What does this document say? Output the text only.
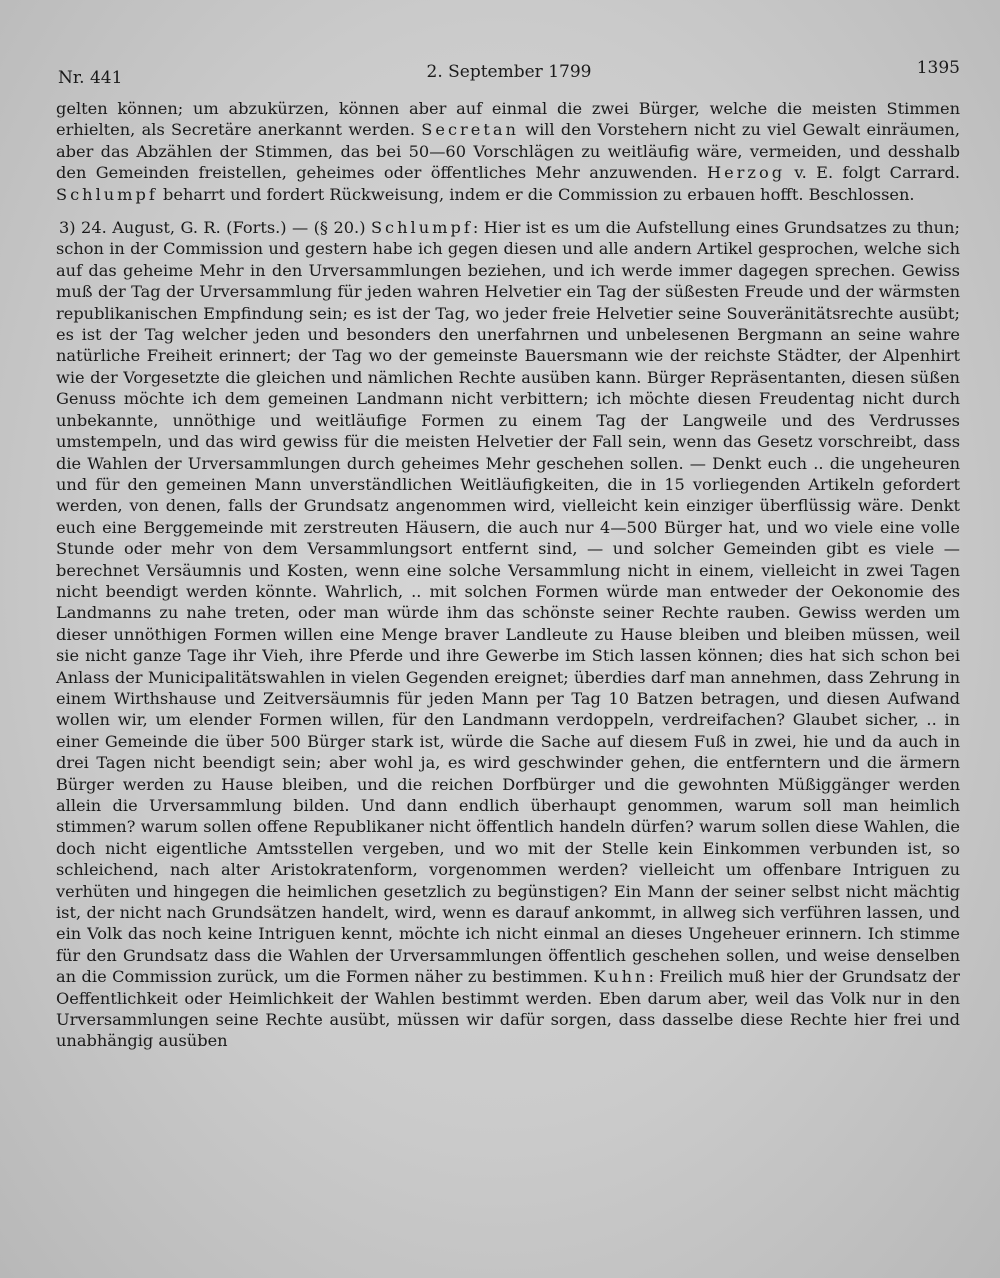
Nr. 441	2. September 1799	1395

gelten können; um abzukürzen, können aber auf einmal die zwei Bürger, welche die meisten Stimmen erhielten, als Secretäre anerkannt werden. Secretan will den Vorstehern nicht zu viel Gewalt einräumen, aber das Abzählen der Stimmen, das bei 50—60 Vorschlägen zu weitläufig wäre, vermeiden, und desshalb den Gemeinden freistellen, geheimes oder öffentliches Mehr anzuwenden. Herzog v. E. folgt Carrard. Schlumpf beharrt und fordert Rückweisung, indem er die Commission zu erbauen hofft. Beschlossen.

3) 24. August, G. R. (Forts.) — (§ 20.) Schlumpf: Hier ist es um die Aufstellung eines Grundsatzes zu thun; schon in der Commission und gestern habe ich gegen diesen und alle andern Artikel gesprochen, welche sich auf das geheime Mehr in den Urversammlungen beziehen, und ich werde immer dagegen sprechen. Gewiss muß der Tag der Urversammlung für jeden wahren Helvetier ein Tag der süßesten Freude und der wärmsten republikanischen Empfindung sein; es ist der Tag, wo jeder freie Helvetier seine Souveränitätsrechte ausübt; es ist der Tag welcher jeden und besonders den unerfahrnen und unbelesenen Bergmann an seine wahre natürliche Freiheit erinnert; der Tag wo der gemeinste Bauersmann wie der reichste Städter, der Alpenhirt wie der Vorgesetzte die gleichen und nämlichen Rechte ausüben kann. Bürger Repräsentanten, diesen süßen Genuss möchte ich dem gemeinen Landmann nicht verbittern; ich möchte diesen Freudentag nicht durch unbekannte, unnöthige und weitläufige Formen zu einem Tag der Langweile und des Verdrusses umstempeln, und das wird gewiss für die meisten Helvetier der Fall sein, wenn das Gesetz vorschreibt, dass die Wahlen der Urversammlungen durch geheimes Mehr geschehen sollen. — Denkt euch .. die ungeheuren und für den gemeinen Mann unverständlichen Weitläufigkeiten, die in 15 vorliegenden Artikeln gefordert werden, von denen, falls der Grundsatz angenommen wird, vielleicht kein einziger überflüssig wäre. Denkt euch eine Berggemeinde mit zerstreuten Häusern, die auch nur 4—500 Bürger hat, und wo viele eine volle Stunde oder mehr von dem Versammlungsort entfernt sind, — und solcher Gemeinden gibt es viele — berechnet Versäumnis und Kosten, wenn eine solche Versammlung nicht in einem, vielleicht in zwei Tagen nicht beendigt werden könnte. Wahrlich, .. mit solchen Formen würde man entweder der Oekonomie des Landmanns zu nahe treten, oder man würde ihm das schönste seiner Rechte rauben. Gewiss werden um dieser unnöthigen Formen willen eine Menge braver Landleute zu Hause bleiben und bleiben müssen, weil sie nicht ganze Tage ihr Vieh, ihre Pferde und ihre Gewerbe im Stich lassen können; dies hat sich schon bei Anlass der Municipalitätswahlen in vielen Gegenden ereignet; überdies darf man annehmen, dass Zehrung in einem Wirthshause und Zeitversäumnis für jeden Mann per Tag 10 Batzen betragen, und diesen Aufwand wollen wir, um elender Formen willen, für den Landmann verdoppeln, verdreifachen? Glaubet sicher, .. in einer Gemeinde die über 500 Bürger stark ist, würde die Sache auf diesem Fuß in zwei, hie und da auch in drei Tagen nicht beendigt sein; aber wohl ja, es wird geschwinder gehen, die entferntern und die ärmern Bürger werden zu Hause bleiben, und die reichen Dorfbürger und die gewohnten Müßiggänger werden allein die Urversammlung bilden. Und dann endlich überhaupt genommen, warum soll man heimlich stimmen? warum sollen offene Republikaner nicht öffentlich handeln dürfen? warum sollen diese Wahlen, die doch nicht eigentliche Amtsstellen vergeben, und wo mit der Stelle kein Einkommen verbunden ist, so schleichend, nach alter Aristokratenform, vorgenommen werden? vielleicht um offenbare Intriguen zu verhüten und hingegen die heimlichen gesetzlich zu begünstigen? Ein Mann der seiner selbst nicht mächtig ist, der nicht nach Grundsätzen handelt, wird, wenn es darauf ankommt, in allweg sich verführen lassen, und ein Volk das noch keine Intriguen kennt, möchte ich nicht einmal an dieses Ungeheuer erinnern. Ich stimme für den Grundsatz dass die Wahlen der Urversammlungen öffentlich geschehen sollen, und weise denselben an die Commission zurück, um die Formen näher zu bestimmen. Kuhn: Freilich muß hier der Grundsatz der Oeffentlichkeit oder Heimlichkeit der Wahlen bestimmt werden. Eben darum aber, weil das Volk nur in den Urversammlungen seine Rechte ausübt, müssen wir dafür sorgen, dass dasselbe diese Rechte hier frei und unabhängig ausüben
